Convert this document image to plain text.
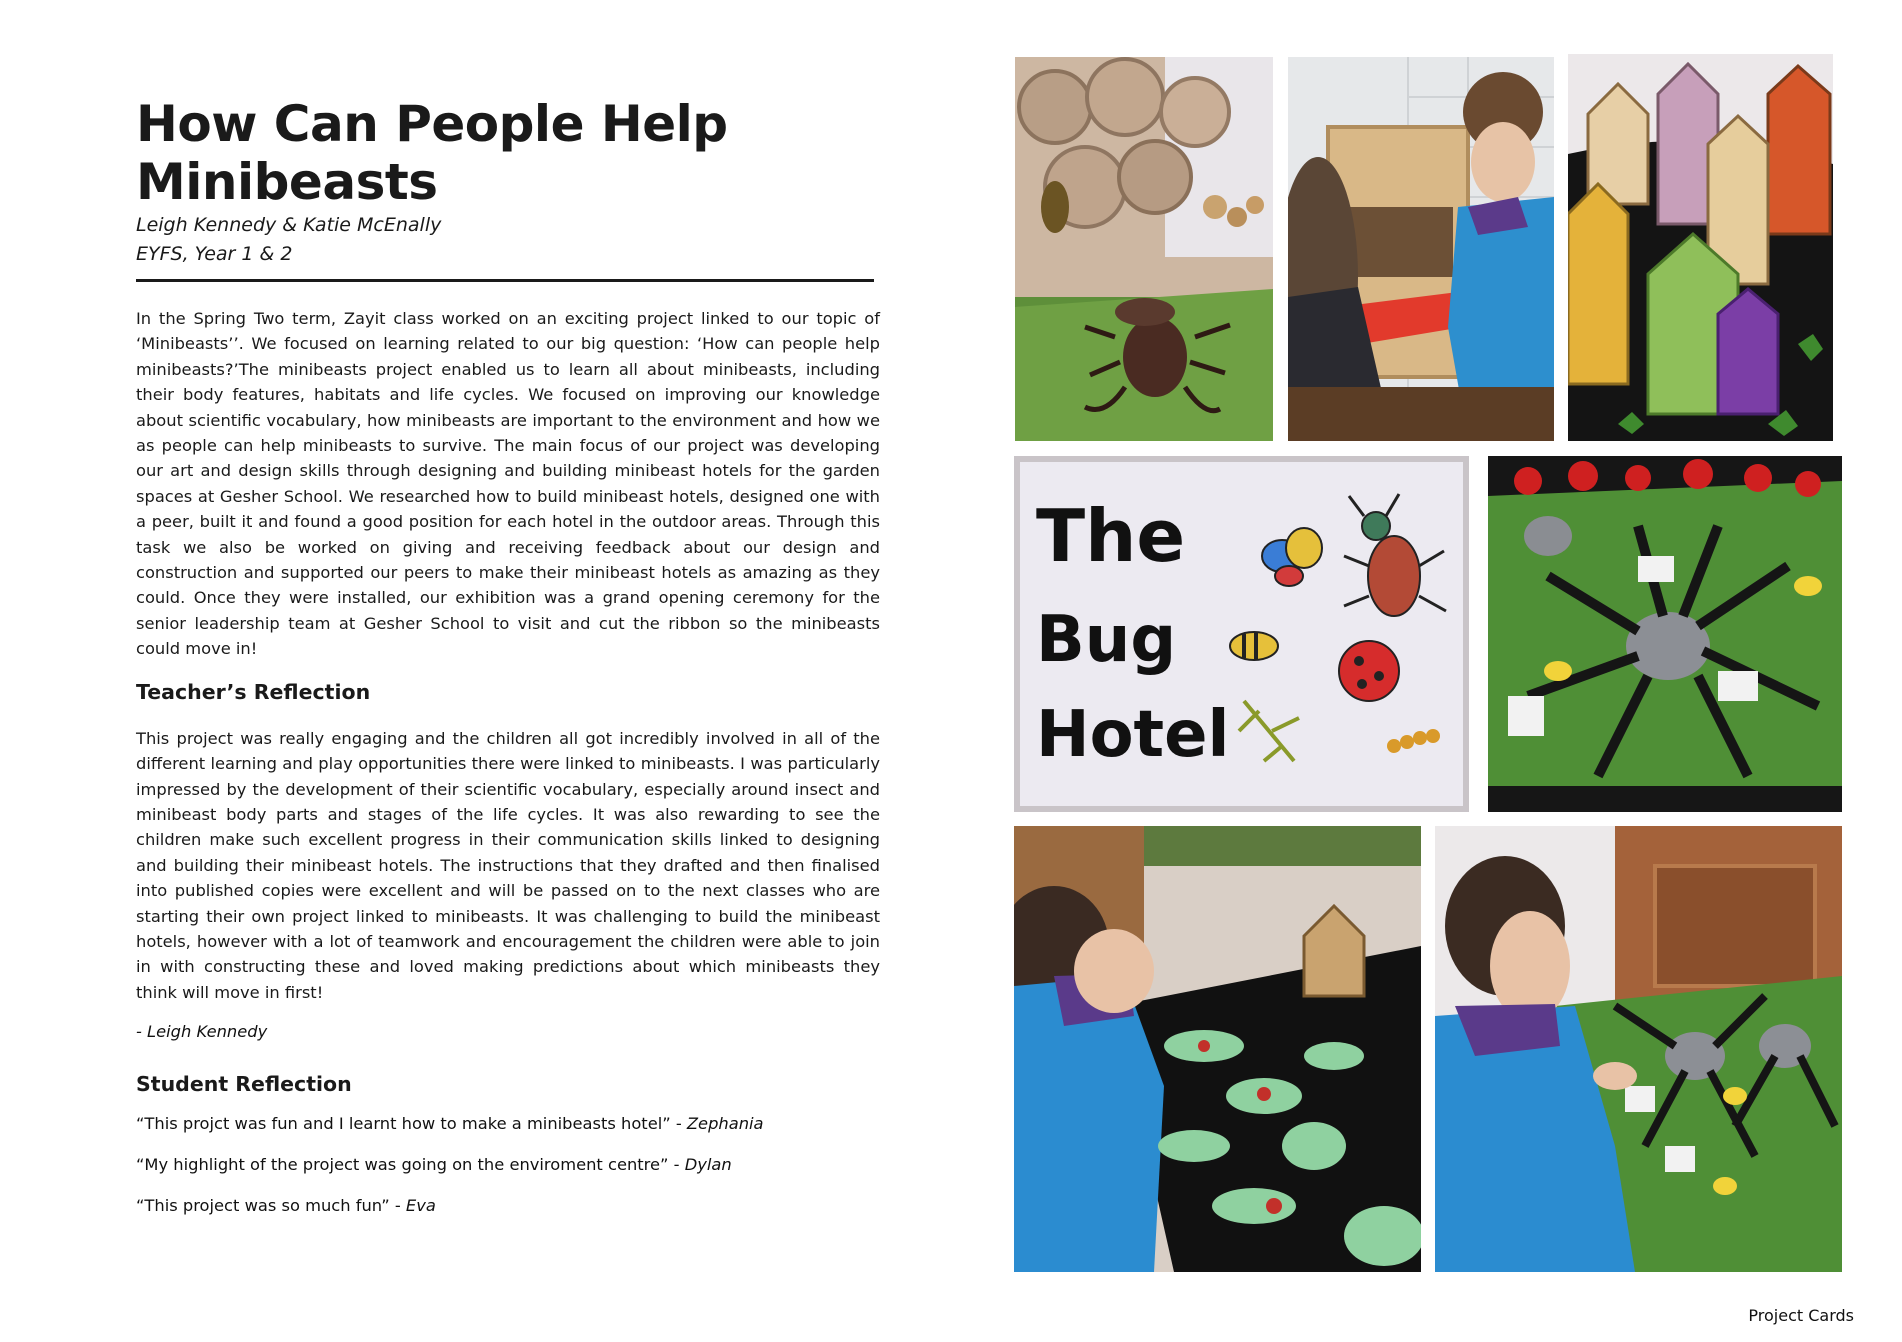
How Can People Help Minibeasts
Leigh Kennedy & Katie McEnally
EYFS, Year 1 & 2

In the Spring Two term, Zayit class worked on an exciting project linked to our topic of ‘Minibeasts’’. We focused on learning related to our big question: ‘How can people help minibeasts?’The minibeasts project enabled us to learn all about minibeasts, including their body features, habitats and life cycles. We focused on improving our knowledge about scientific vocabulary, how minibeasts are important to the environment and how we as people can help minibeasts to survive. The main focus of our project was developing our art and design skills through designing and building minibeast hotels for the garden spaces at Gesher School. We researched how to build minibeast hotels, designed one with a peer, built it and found a good position for each hotel in the outdoor areas. Through this task we also be worked on giving and receiving feedback about our design and construction and supported our peers to make their minibeast hotels as amazing as they could. Once they were installed, our exhibition was a grand opening ceremony for the senior leadership team at Gesher School to visit and cut the ribbon so the minibeasts could move in!

Teacher’s Reflection

This project was really engaging and the children all got incredibly involved in all of the different learning and play opportunities there were linked to minibeasts. I was particularly impressed by the development of their scientific vocabulary, especially around insect and minibeast body parts and stages of the life cycles. It was also rewarding to see the children make such excellent progress in their communication skills linked to designing and building their minibeast hotels. The instructions that they drafted and then finalised into published copies were excellent and will be passed on to the next classes who are starting their own project linked to minibeasts. It was challenging to build the minibeast hotels, however with a lot of teamwork and encouragement the children were able to join in with constructing these and loved making predictions about which minibeasts they think will move in first!

- Leigh Kennedy
Student Reflection
“This projct was fun and I learnt how to make a minibeasts hotel” - Zephania
“My highlight of the project was going on the enviroment centre” - Dylan
“This project was so much fun” - Eva
The
Bug
Hotel
Project Cards
